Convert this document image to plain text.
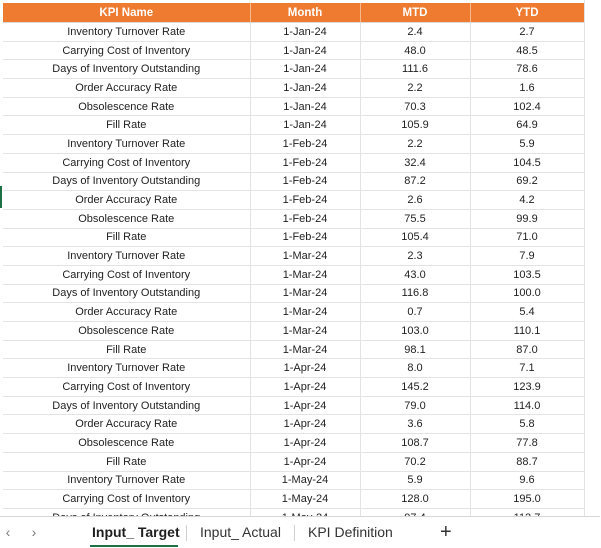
KPI Name	Month	MTD	YTD
Inventory Turnover Rate	1-Jan-24	2.4	2.7
Carrying Cost of Inventory	1-Jan-24	48.0	48.5
Days of Inventory Outstanding	1-Jan-24	111.6	78.6
Order Accuracy Rate	1-Jan-24	2.2	1.6
Obsolescence Rate	1-Jan-24	70.3	102.4
Fill Rate	1-Jan-24	105.9	64.9
Inventory Turnover Rate	1-Feb-24	2.2	5.9
Carrying Cost of Inventory	1-Feb-24	32.4	104.5
Days of Inventory Outstanding	1-Feb-24	87.2	69.2
Order Accuracy Rate	1-Feb-24	2.6	4.2
Obsolescence Rate	1-Feb-24	75.5	99.9
Fill Rate	1-Feb-24	105.4	71.0
Inventory Turnover Rate	1-Mar-24	2.3	7.9
Carrying Cost of Inventory	1-Mar-24	43.0	103.5
Days of Inventory Outstanding	1-Mar-24	116.8	100.0
Order Accuracy Rate	1-Mar-24	0.7	5.4
Obsolescence Rate	1-Mar-24	103.0	110.1
Fill Rate	1-Mar-24	98.1	87.0
Inventory Turnover Rate	1-Apr-24	8.0	7.1
Carrying Cost of Inventory	1-Apr-24	145.2	123.9
Days of Inventory Outstanding	1-Apr-24	79.0	114.0
Order Accuracy Rate	1-Apr-24	3.6	5.8
Obsolescence Rate	1-Apr-24	108.7	77.8
Fill Rate	1-Apr-24	70.2	88.7
Inventory Turnover Rate	1-May-24	5.9	9.6
Carrying Cost of Inventory	1-May-24	128.0	195.0

‹	›	Input_ Target Input_ Actual KPI Definition +
